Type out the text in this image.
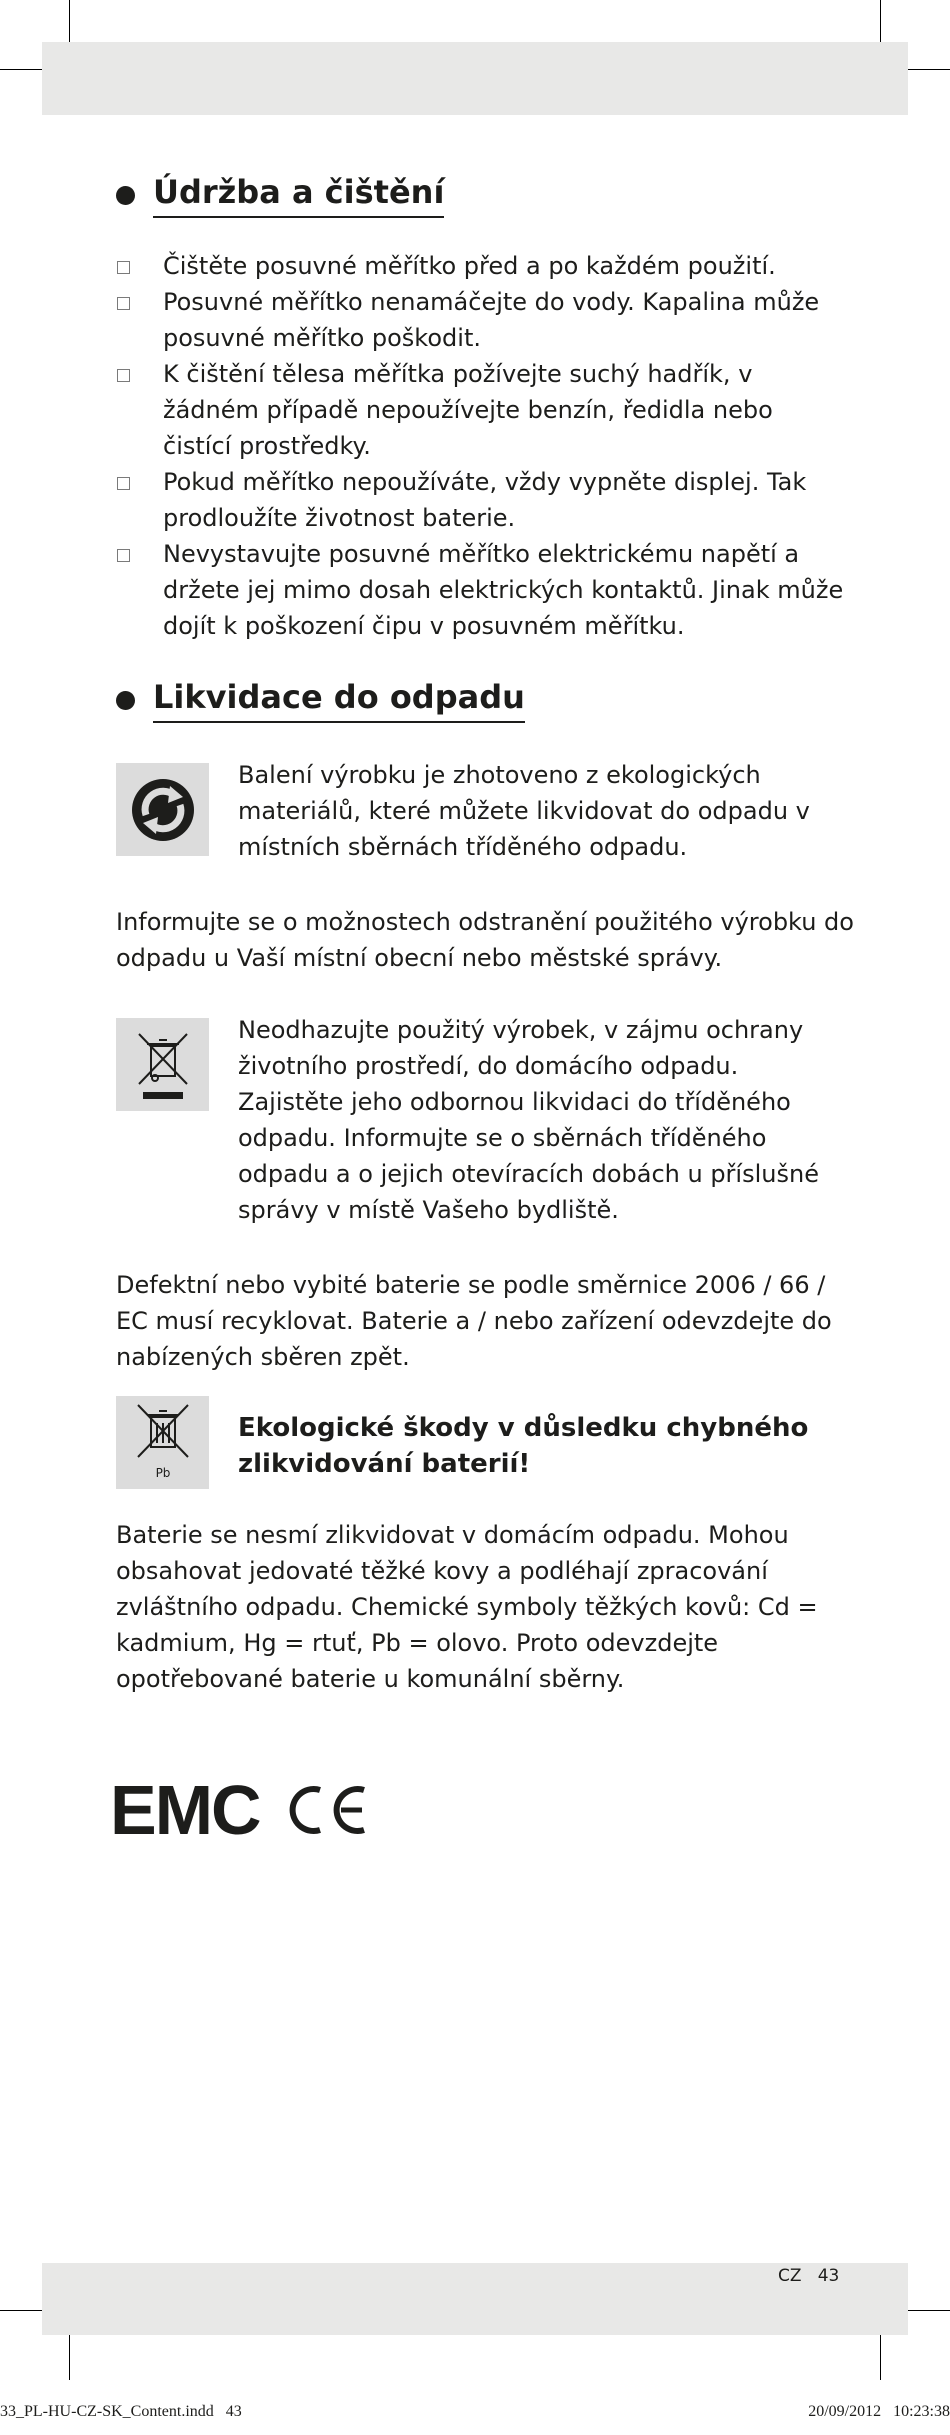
Údržba a čištění
Čištěte posuvné měřítko před a po každém použití.
Posuvné měřítko nenamáčejte do vody. Kapalina může posuvné měřítko poškodit.
K čištění tělesa měřítka požívejte suchý hadřík, v žádném případě nepoužívejte benzín, ředidla nebo čistící prostředky.
Pokud měřítko nepoužíváte, vždy vypněte displej. Tak prodloužíte životnost baterie.
Nevystavujte posuvné měřítko elektrickému napětí a držete jej mimo dosah elektrických kontaktů. Jinak může dojít k poškození čipu v posuvném měřítku.
Likvidace do odpadu
Balení výrobku je zhotoveno z ekologických materiálů, které můžete likvidovat do odpadu v místních sběrnách tříděného odpadu.
Informujte se o možnostech odstranění použitého výrobku do odpadu u Vaší místní obecní nebo městské správy.
Neodhazujte použitý výrobek, v zájmu ochrany životního prostředí, do domácího odpadu. Zajistěte jeho odbornou likvidaci do tříděného odpadu. Informujte se o sběrnách tříděného odpadu a o jejich otevíracích dobách u příslušné správy v místě Vašeho bydliště.
Defektní nebo vybité baterie se podle směrnice 2006 / 66 / EC musí recyklovat. Baterie a / nebo zařízení odevzdejte do nabízených sběren zpět.
Pb
Ekologické škody v důsledku chybného zlikvidování baterií!
Baterie se nesmí zlikvidovat v domácím odpadu. Mohou obsahovat jedovaté těžké kovy a podléhají zpracování zvláštního odpadu. Chemické symboly těžkých kovů: Cd = kadmium, Hg = rtuť, Pb = olovo. Proto odevzdejte opotřebované baterie u komunální sběrny.
EMC
CZ   43
33_PL-HU-CZ-SK_Content.indd   43	20/09/2012   10:23:38
